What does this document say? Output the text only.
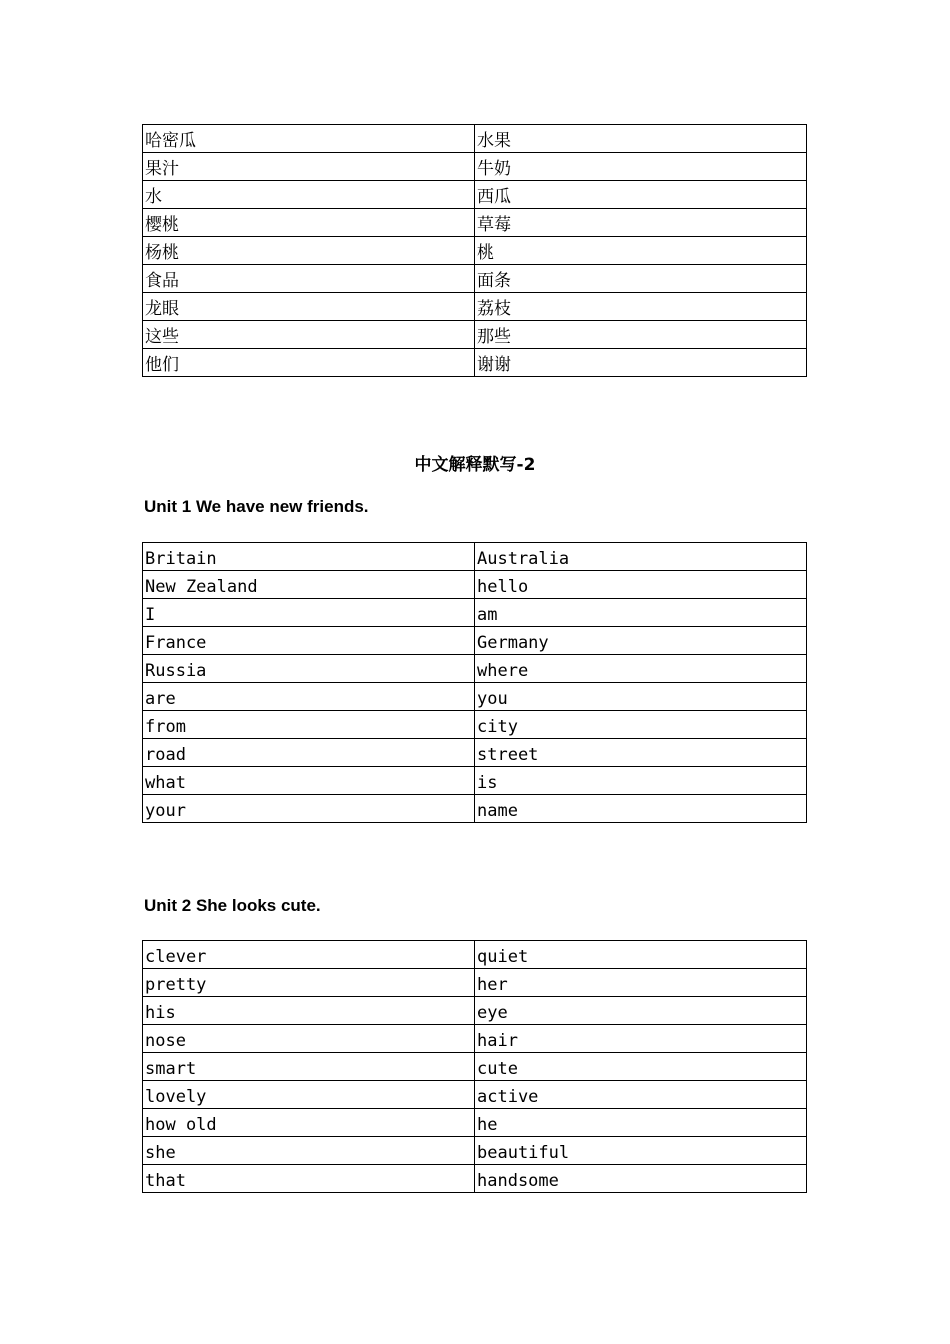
哈密瓜	水果
果汁	牛奶
水	西瓜
樱桃	草莓
杨桃	桃
食品	面条
龙眼	荔枝
这些	那些
他们	谢谢
中文解释默写-2
Unit 1 We have new friends.
Britain	Australia
New Zealand	hello
I	am
France	Germany
Russia	where
are	you
from	city
road	street
what	is
your	name
Unit 2 She looks cute.
clever	quiet
pretty	her
his	eye
nose	hair
smart	cute
lovely	active
how old	he
she	beautiful
that	handsome
